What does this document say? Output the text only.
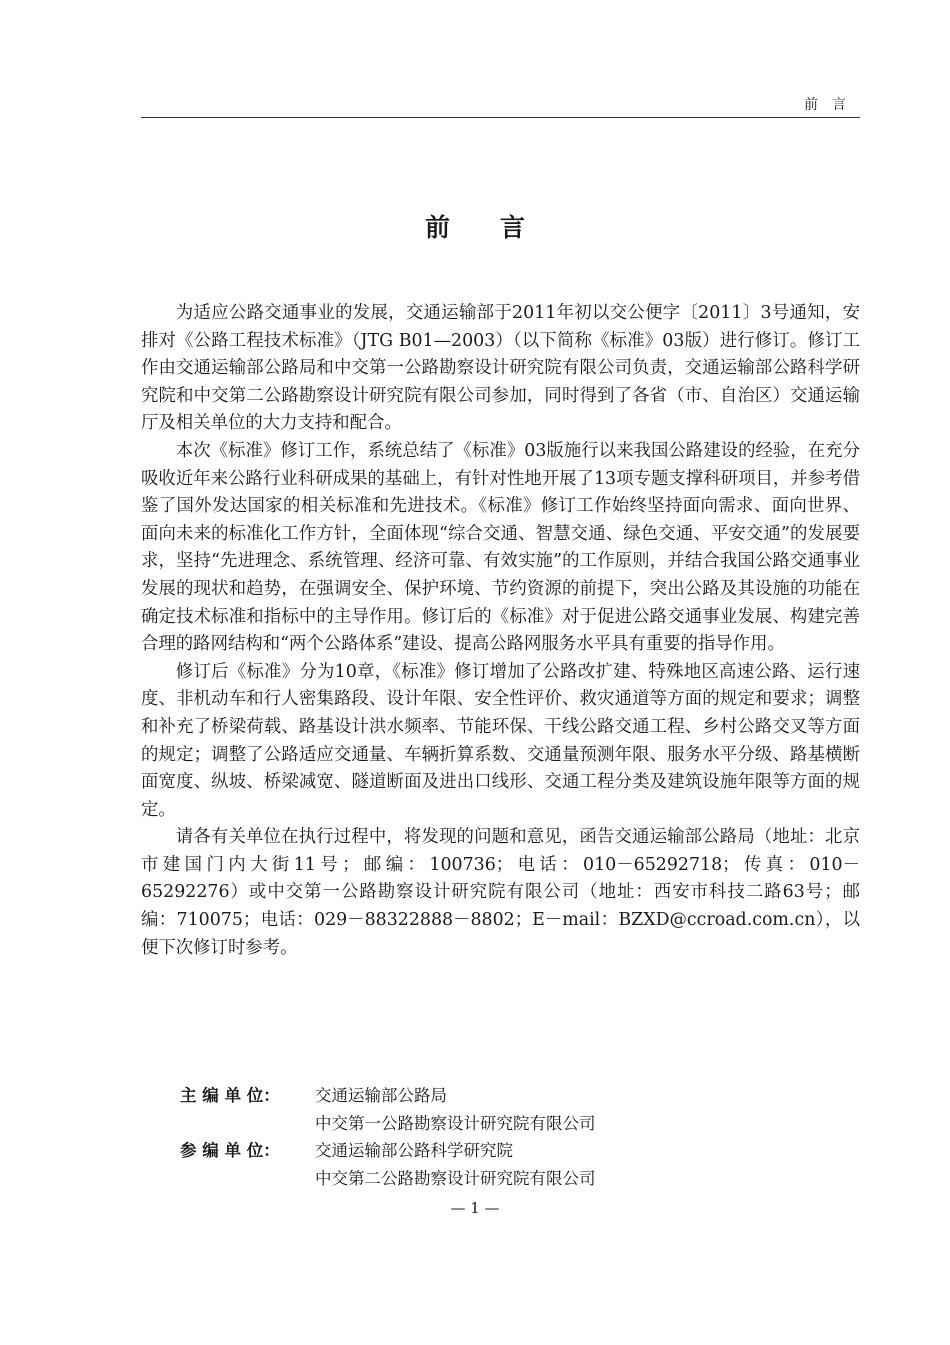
前言
前言

为适应公路交通事业的发展，交通运输部于2011年初以交公便字〔2011〕3号通知，安排对《公路工程技术标准》（JTG B01—2003）（以下简称《标准》03版）进行修订。修订工作由交通运输部公路局和中交第一公路勘察设计研究院有限公司负责，交通运输部公路科学研究院和中交第二公路勘察设计研究院有限公司参加，同时得到了各省（市、自治区）交通运输厅及相关单位的大力支持和配合。

本次《标准》修订工作，系统总结了《标准》03版施行以来我国公路建设的经验，在充分吸收近年来公路行业科研成果的基础上，有针对性地开展了13项专题支撑科研项目，并参考借鉴了国外发达国家的相关标准和先进技术。《标准》修订工作始终坚持面向需求、面向世界、面向未来的标准化工作方针，全面体现“综合交通、智慧交通、绿色交通、平安交通”的发展要求，坚持“先进理念、系统管理、经济可靠、有效实施”的工作原则，并结合我国公路交通事业发展的现状和趋势，在强调安全、保护环境、节约资源的前提下，突出公路及其设施的功能在确定技术标准和指标中的主导作用。修订后的《标准》对于促进公路交通事业发展、构建完善合理的路网结构和“两个公路体系”建设、提高公路网服务水平具有重要的指导作用。

修订后《标准》分为10章，《标准》修订增加了公路改扩建、特殊地区高速公路、运行速度、非机动车和行人密集路段、设计年限、安全性评价、救灾通道等方面的规定和要求；调整和补充了桥梁荷载、路基设计洪水频率、节能环保、干线公路交通工程、乡村公路交叉等方面的规定；调整了公路适应交通量、车辆折算系数、交通量预测年限、服务水平分级、路基横断面宽度、纵坡、桥梁减宽、隧道断面及进出口线形、交通工程分类及建筑设施年限等方面的规定。

请各有关单位在执行过程中，将发现的问题和意见，函告交通运输部公路局（地址：北京市建国门内大街11号；邮编：100736；电话：010－65292718；传真：010－65292276）或中交第一公路勘察设计研究院有限公司（地址：西安市科技二路63号；邮编：710075；电话：029－88322888－8802；E－mail：BZXD@ccroad.com.cn），以便下次修订时参考。

主 编 单 位：	交通运输部公路局
中交第一公路勘察设计研究院有限公司
参 编 单 位：	交通运输部公路科学研究院
中交第二公路勘察设计研究院有限公司
— 1 —
